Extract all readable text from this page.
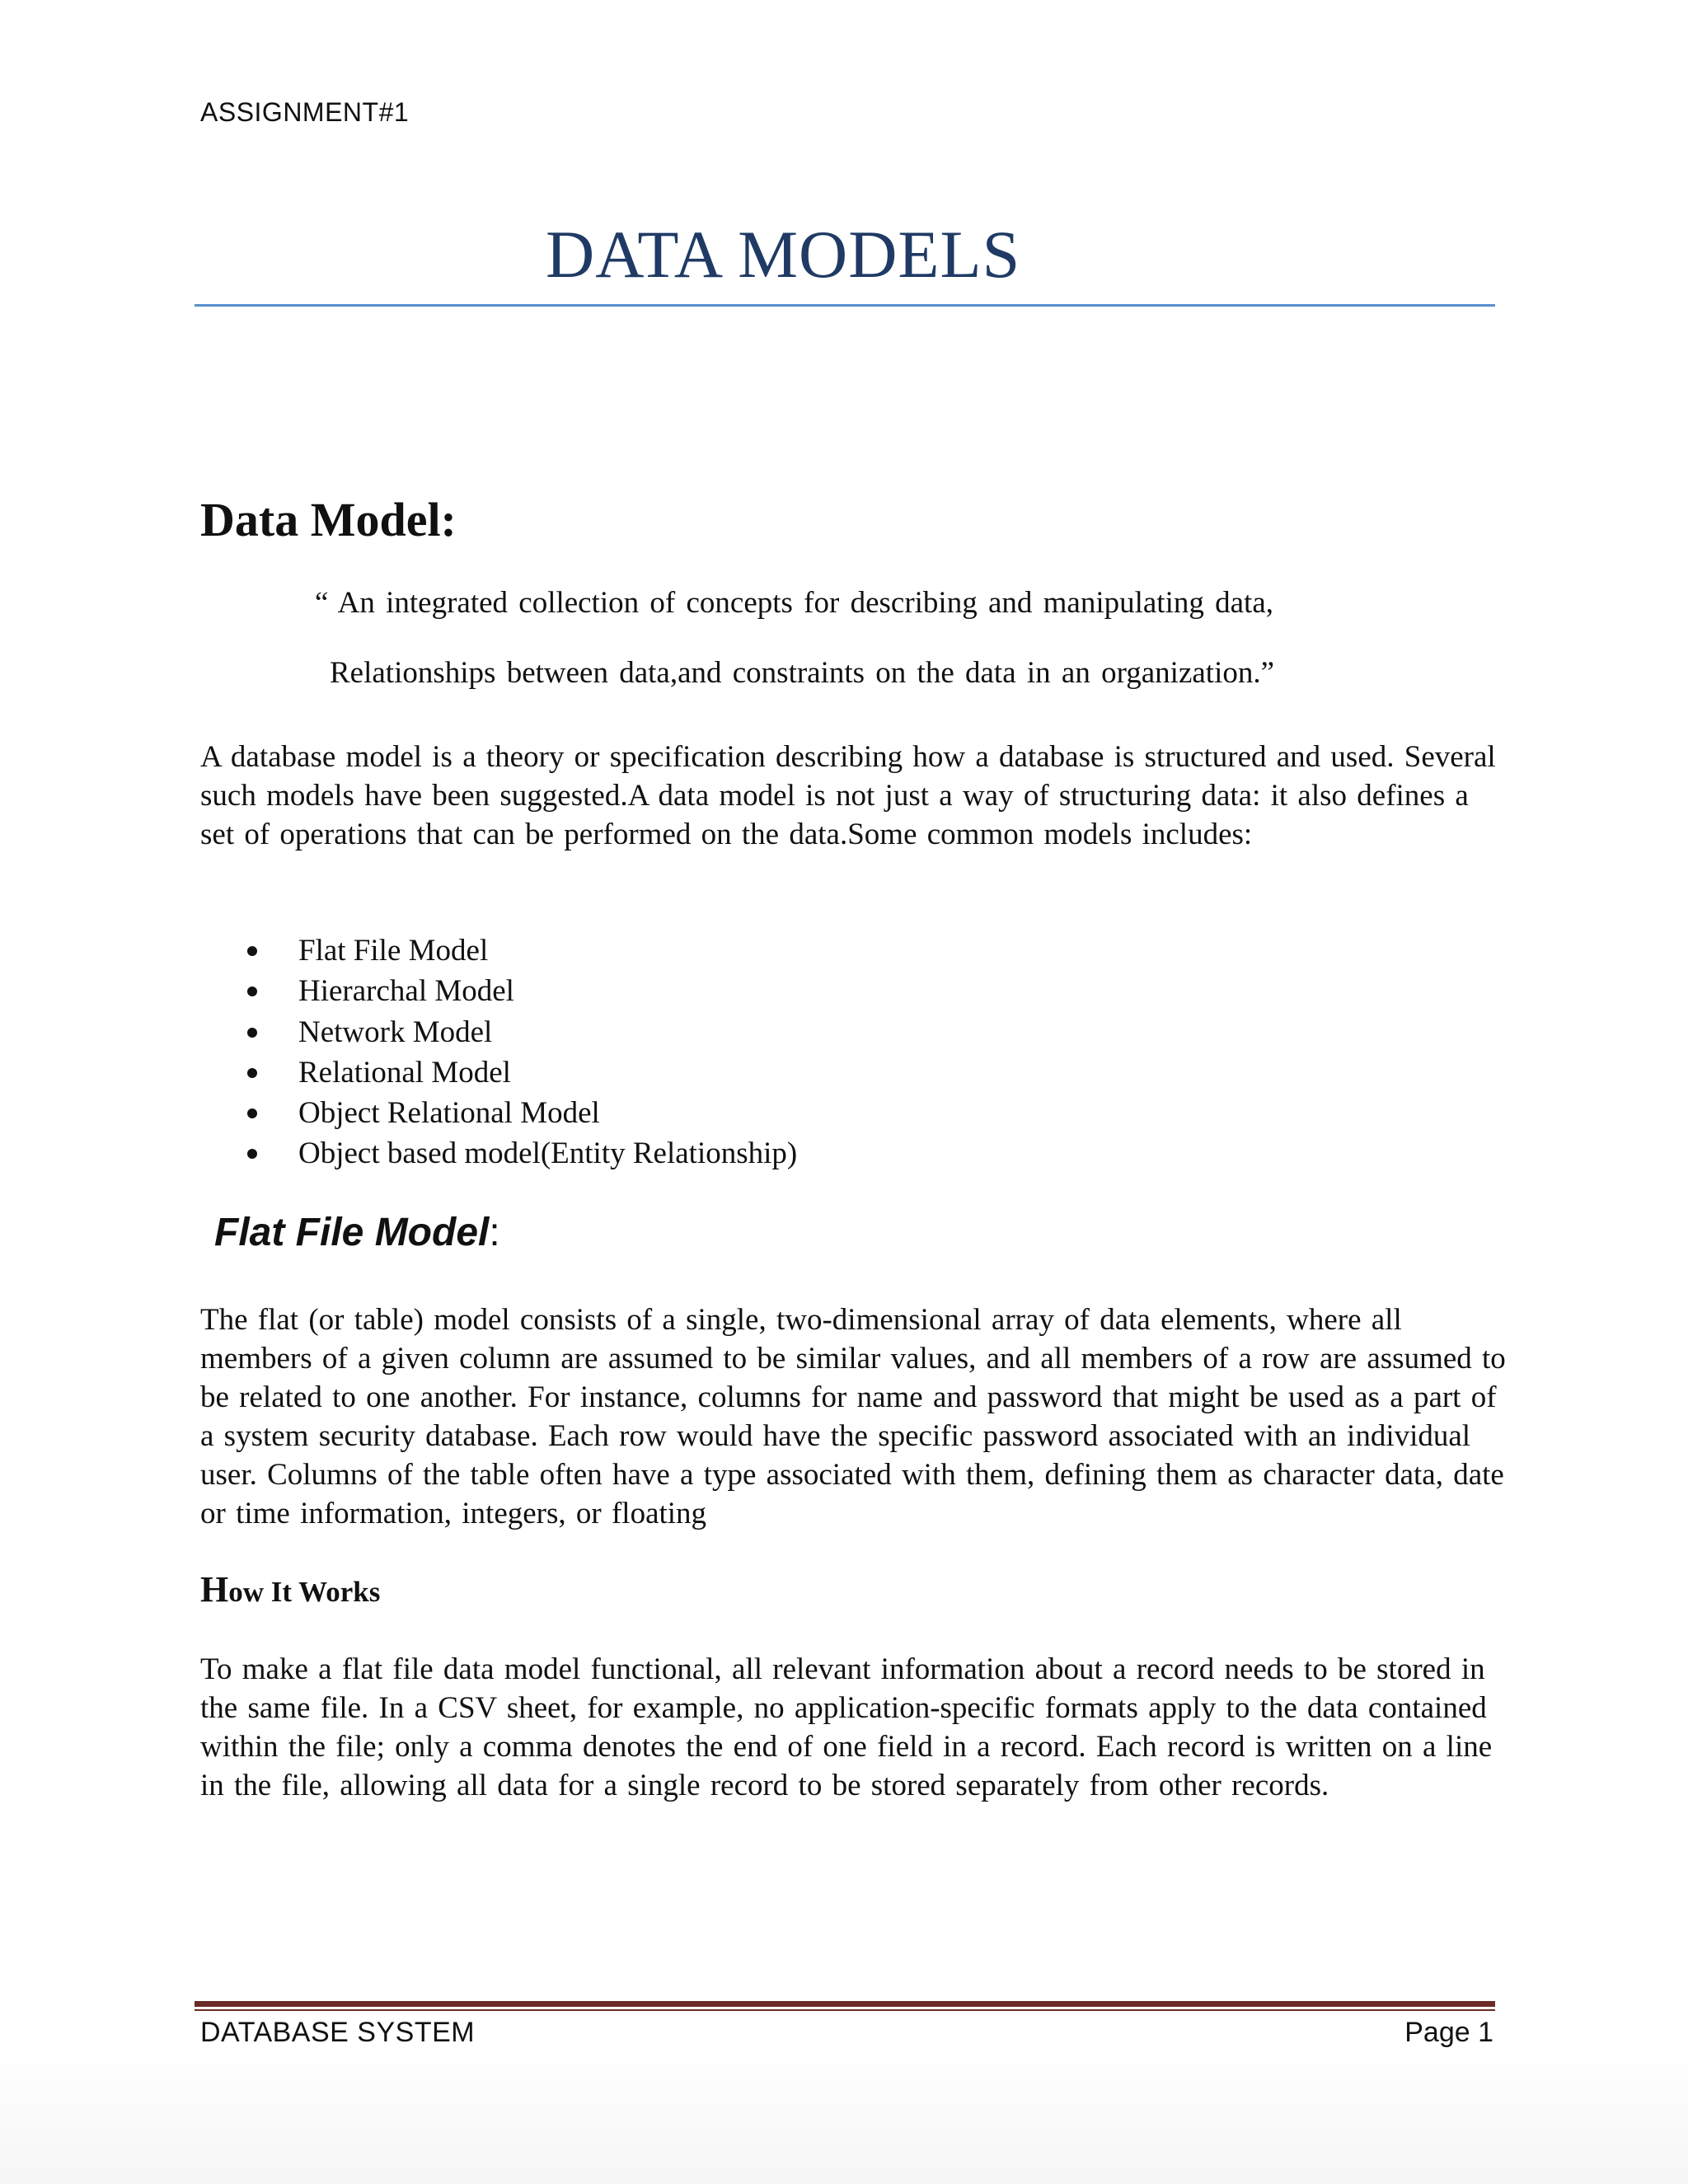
ASSIGNMENT#1
DATA MODELS
Data Model:
“ An integrated collection of concepts for describing and manipulating data,
Relationships between data,and constraints on the data in an organization.”

A database model is a theory or specification describing how a database is structured and used. Several such models have been suggested.A data model is not just a way of structuring data: it also defines a set of operations that can be performed on the data.Some common models includes:

Flat File Model
Hierarchal Model
Network Model
Relational Model
Object Relational Model
Object based model(Entity Relationship)
Flat File Model:

The flat (or table) model consists of a single, two-dimensional array of data elements, where all members of a given column are assumed to be similar values, and all members of a row are assumed to be related to one another. For instance, columns for name and password that might be used as a part of a system security database. Each row would have the specific password associated with an individual user. Columns of the table often have a type associated with them, defining them as character data, date or time information, integers, or floating

How It Works

To make a flat file data model functional, all relevant information about a record needs to be stored in the same file. In a CSV sheet, for example, no application-specific formats apply to the data contained within the file; only a comma denotes the end of one field in a record. Each record is written on a line in the file, allowing all data for a single record to be stored separately from other records.

DATABASE SYSTEM	Page 1
